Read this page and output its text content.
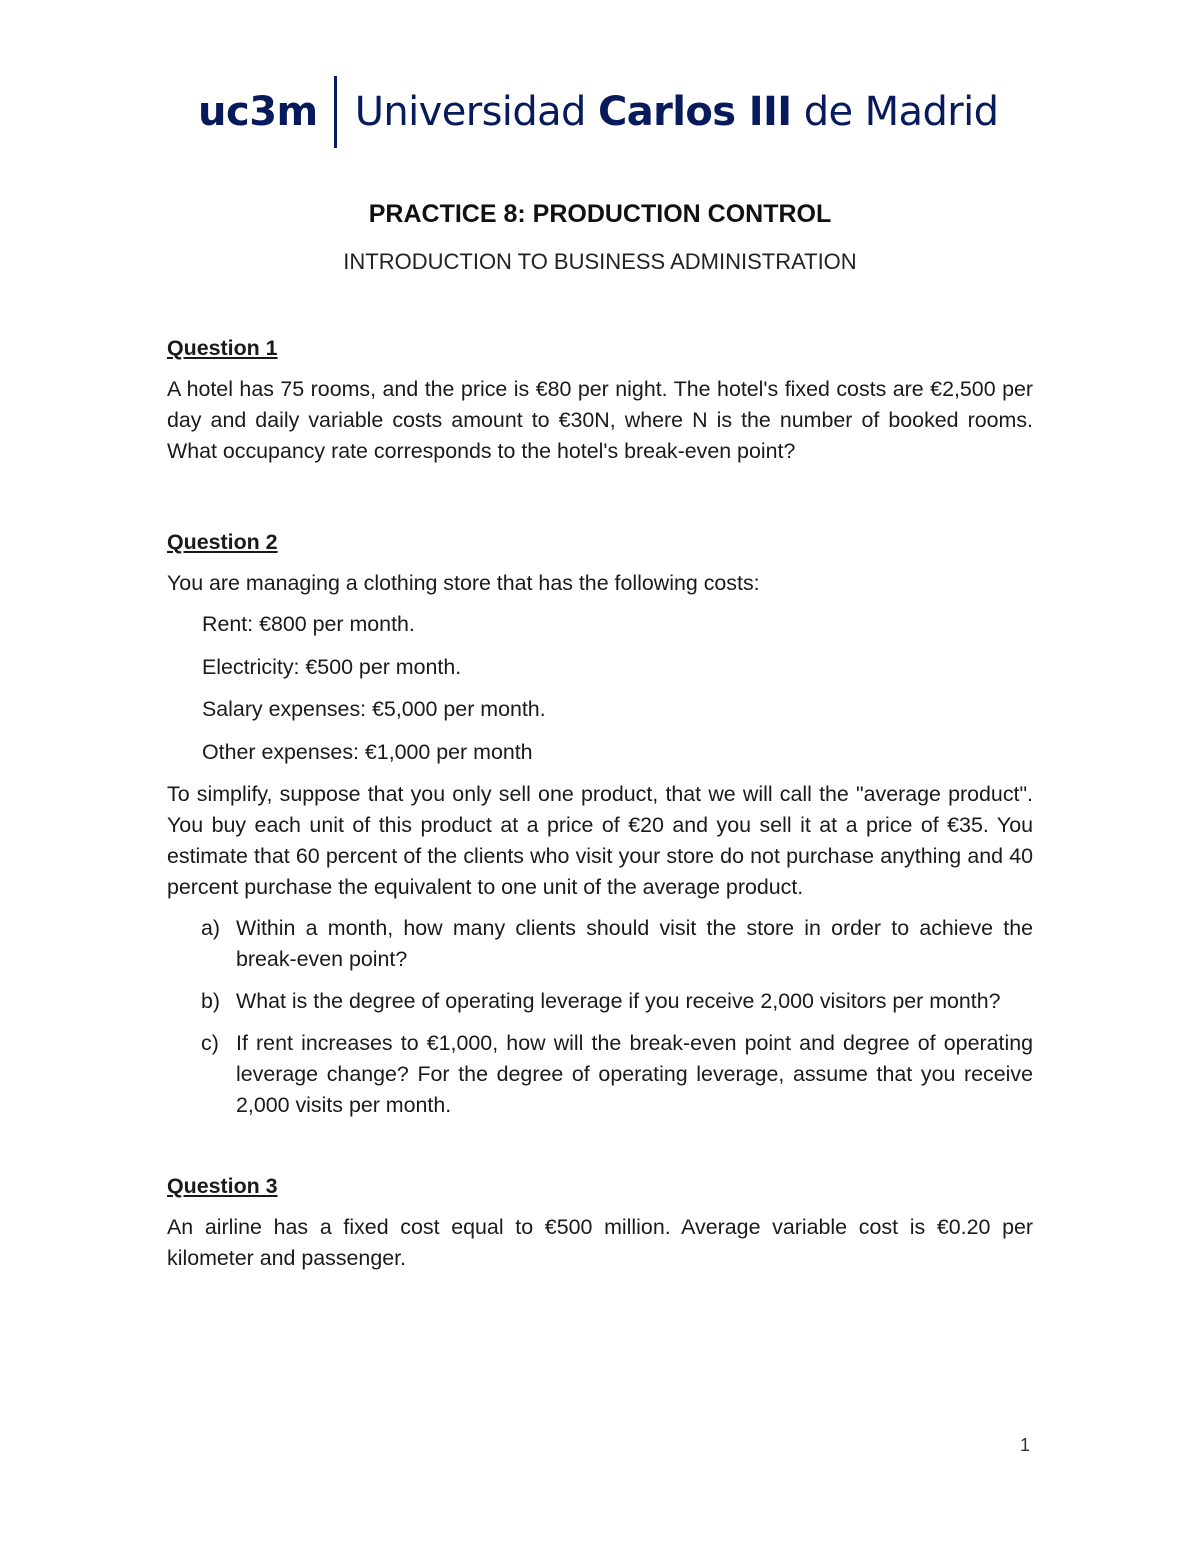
uc3m Universidad Carlos III de Madrid
PRACTICE 8: PRODUCTION CONTROL
INTRODUCTION TO BUSINESS ADMINISTRATION

Question 1

A hotel has 75 rooms, and the price is €80 per night. The hotel's fixed costs are €2,500 per day and daily variable costs amount to €30N, where N is the number of booked rooms. What occupancy rate corresponds to the hotel's break-even point?

Question 2

You are managing a clothing store that has the following costs:

Rent: €800 per month.
Electricity: €500 per month.
Salary expenses: €5,000 per month.
Other expenses: €1,000 per month

To simplify, suppose that you only sell one product, that we will call the "average product". You buy each unit of this product at a price of €20 and you sell it at a price of €35. You estimate that 60 percent of the clients who visit your store do not purchase anything and 40 percent purchase the equivalent to one unit of the average product.

a) Within a month, how many clients should visit the store in order to achieve the break-even point?
b) What is the degree of operating leverage if you receive 2,000 visitors per month?
c) If rent increases to €1,000, how will the break-even point and degree of operating leverage change? For the degree of operating leverage, assume that you receive 2,000 visits per month.

Question 3

An airline has a fixed cost equal to €500 million. Average variable cost is €0.20 per kilometer and passenger.

1
